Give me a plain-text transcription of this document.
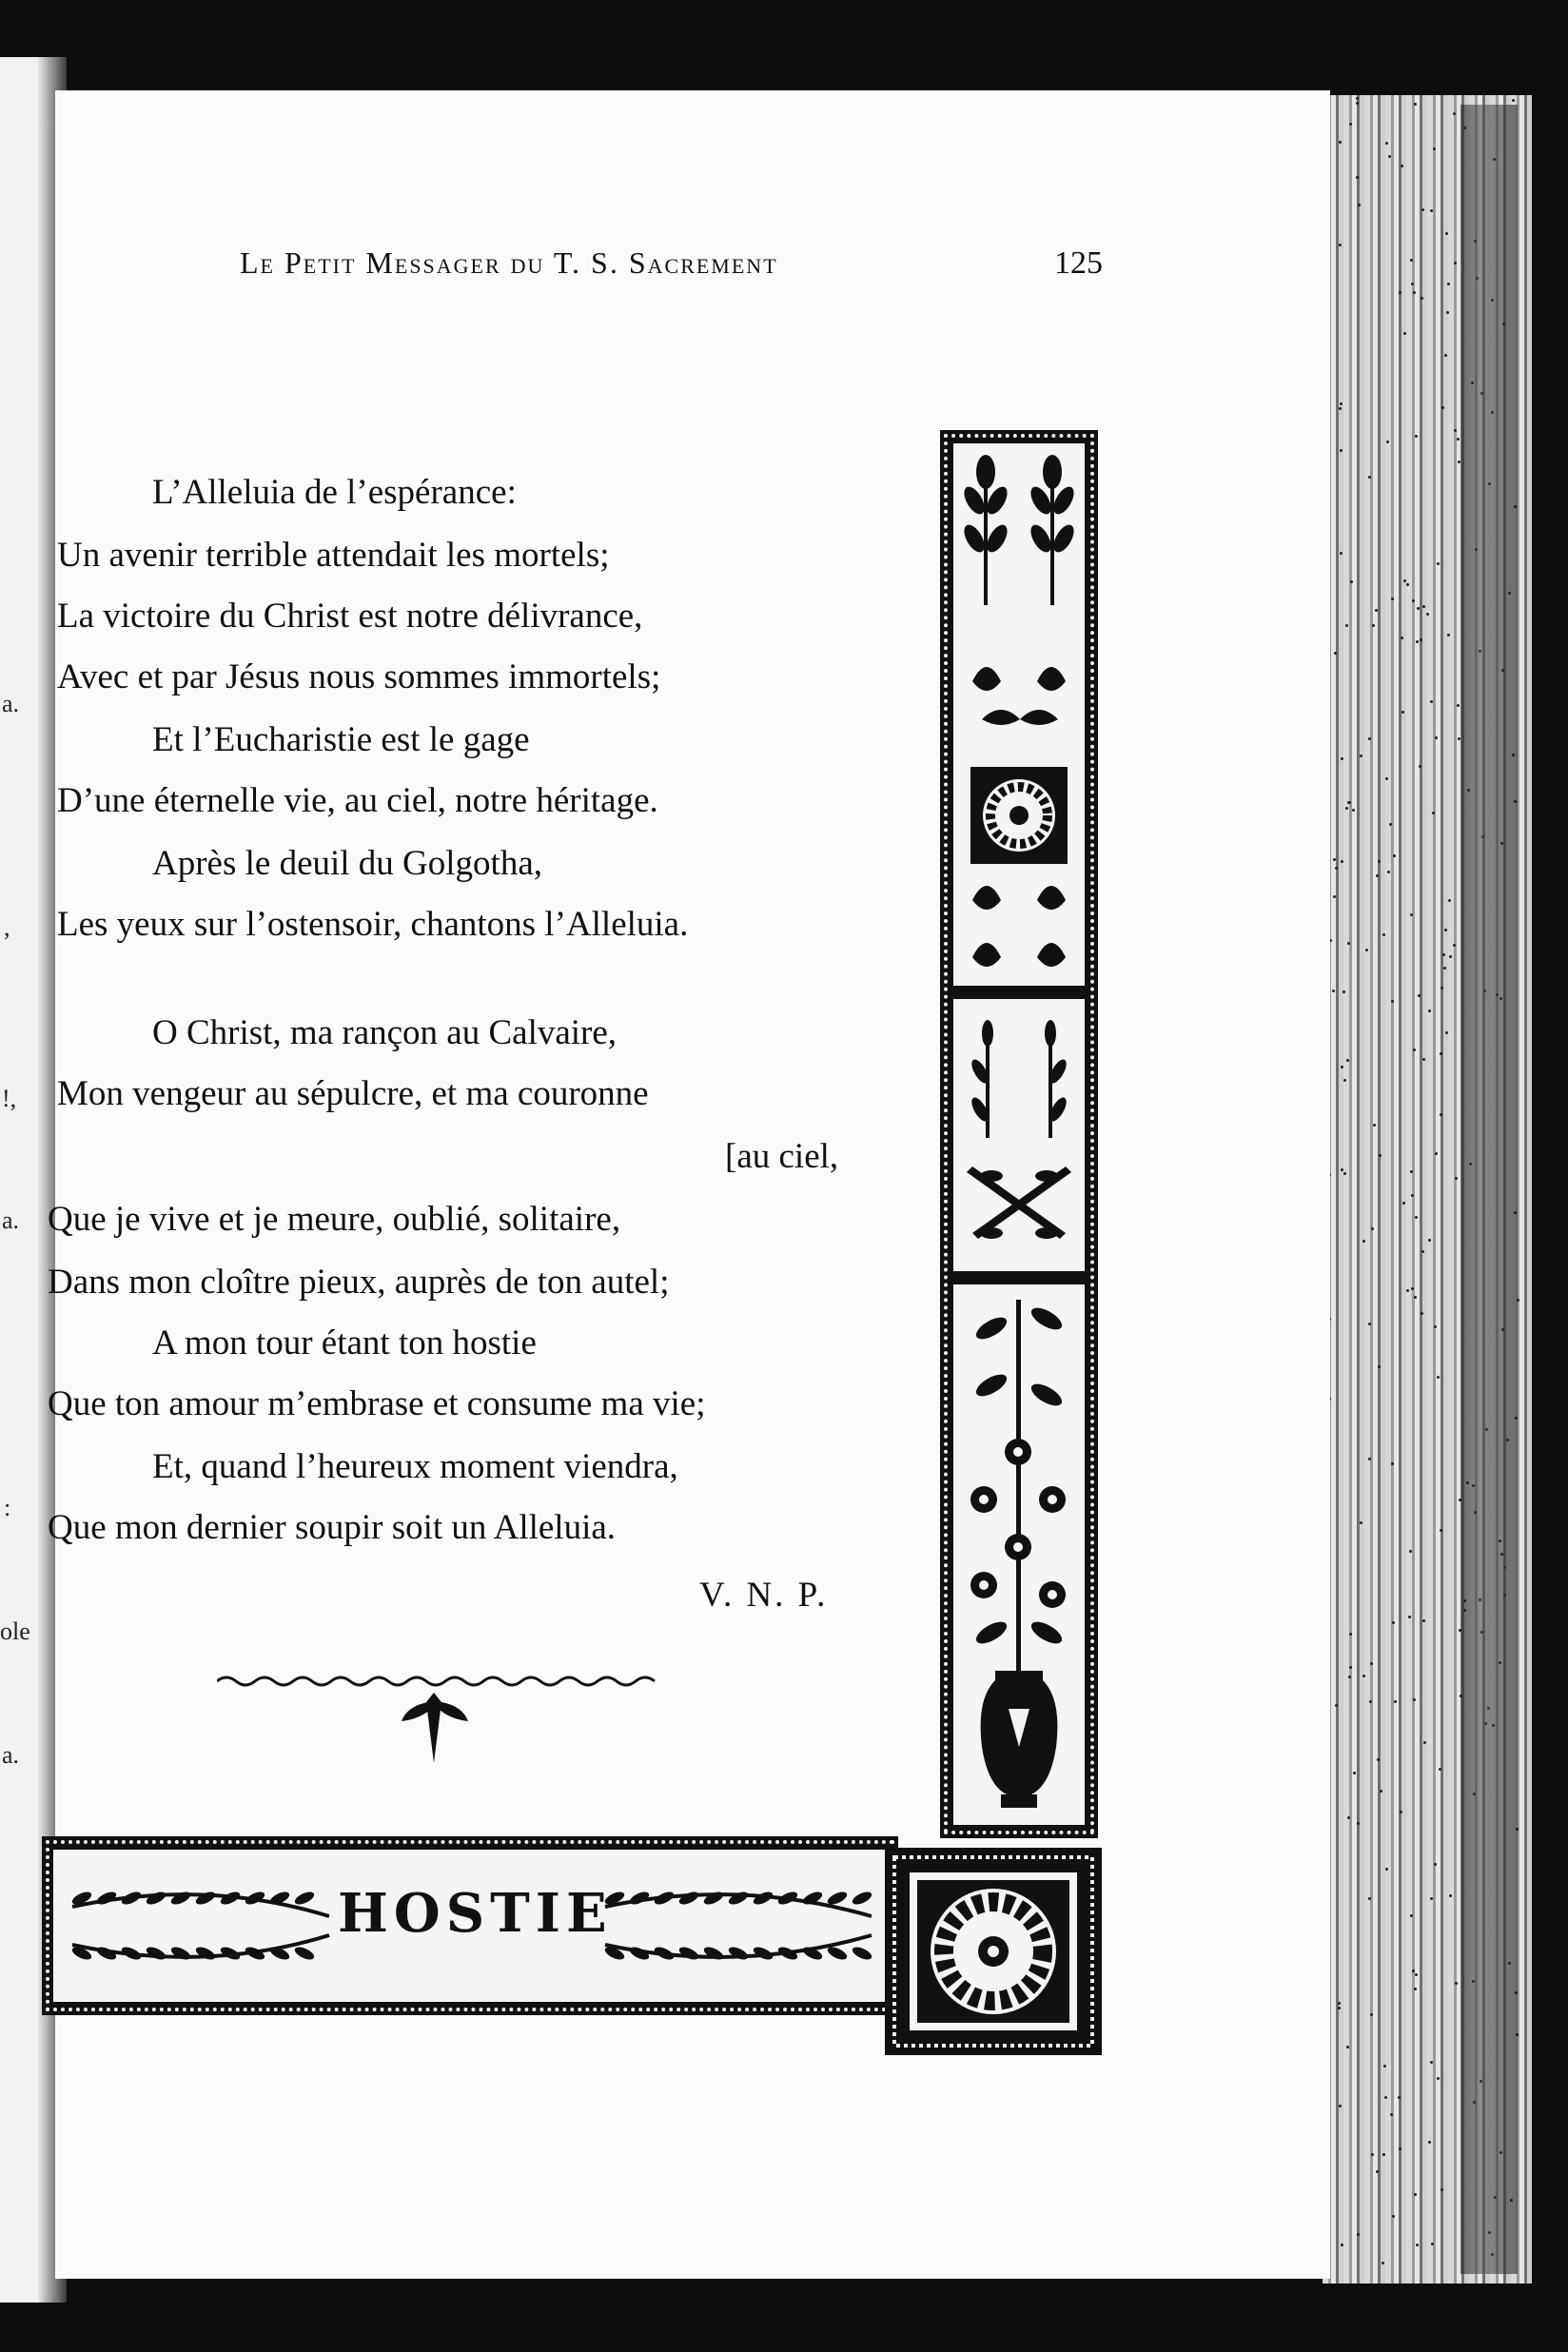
a.
,
!,
a.
:
ole
a.
Le Petit Messager du T. S. Sacrement	125
L’Alleluia de l’espérance:
Un avenir terrible attendait les mortels;
La victoire du Christ est notre délivrance,
Avec et par Jésus nous sommes immortels;
Et l’Eucharistie est le gage
D’une éternelle vie, au ciel, notre héritage.
Après le deuil du Golgotha,
Les yeux sur l’ostensoir, chantons l’Alleluia.
O Christ, ma rançon au Calvaire,
Mon vengeur au sépulcre, et ma couronne
[au ciel,
Que je vive et je meure, oublié, solitaire,
Dans mon cloître pieux, auprès de ton autel;
A mon tour étant ton hostie
Que ton amour m’embrase et consume ma vie;
Et, quand l’heureux moment viendra,
Que mon dernier soupir soit un Alleluia.
V. N. P.
HOSTIE
